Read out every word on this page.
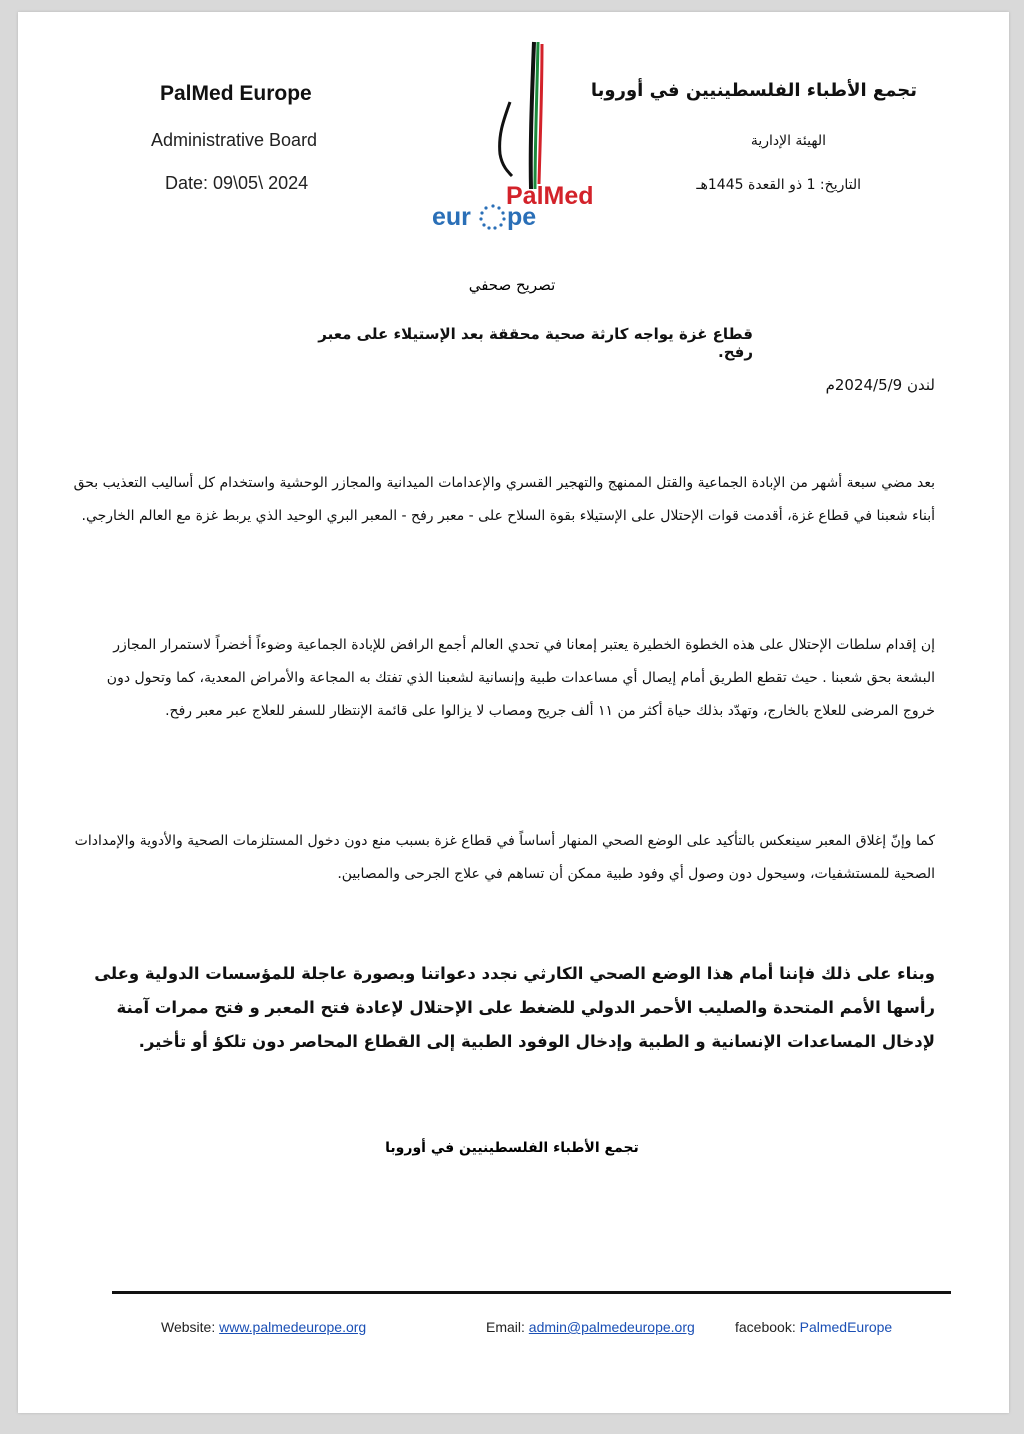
PalMed Europe
Administrative Board
Date: 09\05\ 2024
تجمع الأطباء الفلسطينيين في أوروبا
الهيئة الإدارية
التاريخ: 1 ذو القعدة 1445هـ
PalMed
eur pe
تصريح صحفي
قطاع غزة يواجه كارثة صحية محققة بعد الإستيلاء على معبر رفح.
لندن 2024/5/9م
بعد مضي سبعة أشهر من الإبادة الجماعية والقتل الممنهج والتهجير القسري والإعدامات الميدانية والمجازر الوحشية واستخدام كل أساليب التعذيب بحق أبناء شعبنا في قطاع غزة، أقدمت قوات الإحتلال على الإستيلاء بقوة السلاح على - معبر رفح - المعبر البري الوحيد الذي يربط غزة مع العالم الخارجي.
إن إقدام سلطات الإحتلال على هذه الخطوة الخطيرة يعتبر إمعانا في تحدي العالم أجمع الرافض للإبادة الجماعية وضوءاً أخضراً لاستمرار المجازر البشعة بحق شعبنا . حيث تقطع الطريق أمام إيصال أي مساعدات طبية وإنسانية لشعبنا الذي تفتك به المجاعة والأمراض المعدية، كما وتحول دون خروج المرضى للعلاج بالخارج، وتهدّد بذلك حياة أكثر من ١١ ألف جريح ومصاب لا يزالوا على قائمة الإنتظار للسفر للعلاج عبر معبر رفح.
كما وإنّ إغلاق المعبر سينعكس بالتأكيد على الوضع الصحي المنهار أساساً في قطاع غزة بسبب منع دون دخول المستلزمات الصحية والأدوية والإمدادات الصحية للمستشفيات، وسيحول دون وصول أي وفود طبية ممكن أن تساهم في علاج الجرحى والمصابين.
وبناء على ذلك فإننا أمام هذا الوضع الصحي الكارثي نجدد دعواتنا وبصورة عاجلة للمؤسسات الدولية وعلى رأسها الأمم المتحدة والصليب الأحمر الدولي للضغط على الإحتلال لإعادة فتح المعبر و فتح ممرات آمنة لإدخال المساعدات الإنسانية و الطبية وإدخال الوفود الطبية إلى القطاع المحاصر دون تلكؤ أو تأخير.
تجمع الأطباء الفلسطينيين في أوروبا
Website: www.palmedeurope.org	Email: admin@palmedeurope.org	facebook: PalmedEurope
